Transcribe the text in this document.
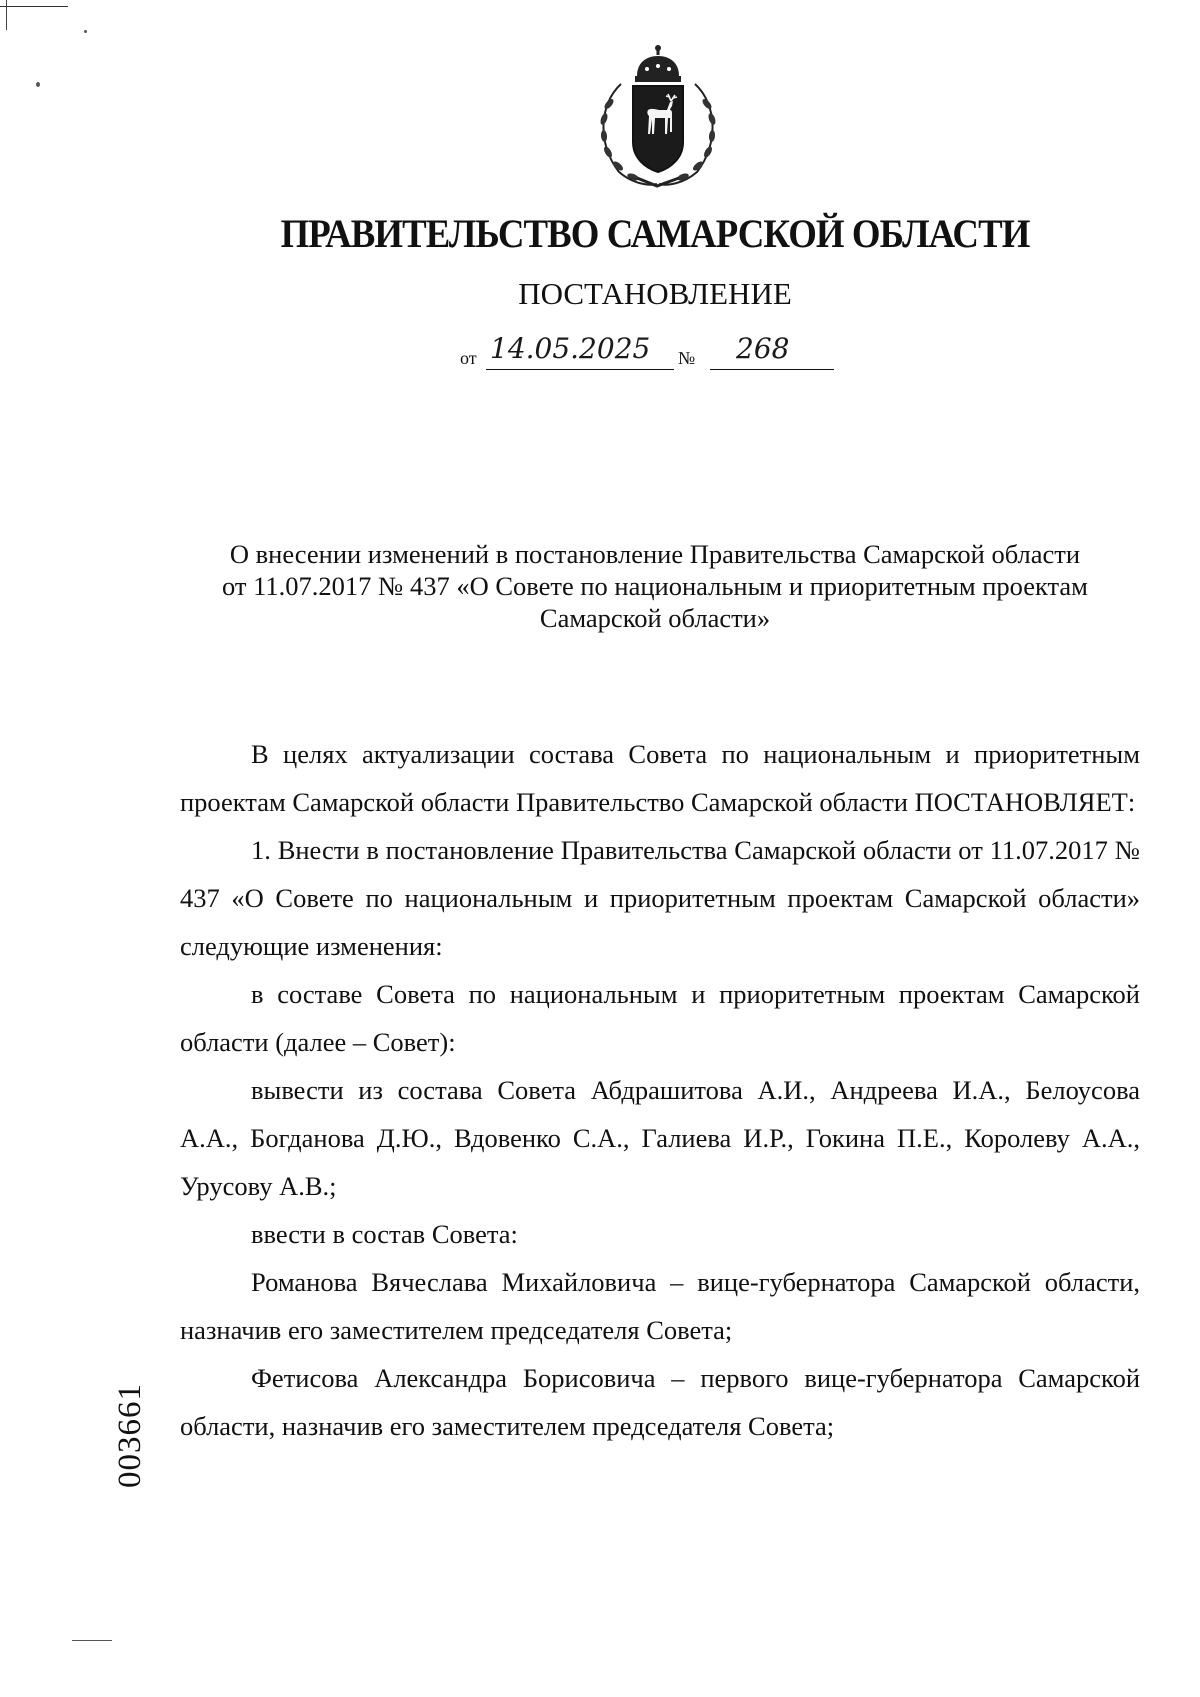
ПРАВИТЕЛЬСТВО САМАРСКОЙ ОБЛАСТИ
ПОСТАНОВЛЕНИЕ
от 14.05.2025 № 268
О внесении изменений в постановление Правительства Самарской области
от 11.07.2017 № 437 «О Совете по национальным и приоритетным проектам
Самарской области»

В целях актуализации состава Совета по национальным и приоритетным проектам Самарской области Правительство Самарской области ПОСТАНОВЛЯЕТ:

1. Внести в постановление Правительства Самарской области от 11.07.2017 № 437 «О Совете по национальным и приоритетным проектам Самарской области» следующие изменения:

в составе Совета по национальным и приоритетным проектам Самарской области (далее – Совет):

вывести из состава Совета Абдрашитова А.И., Андреева И.А., Белоусова А.А., Богданова Д.Ю., Вдовенко С.А., Галиева И.Р., Гокина П.Е., Королеву А.А., Урусову А.В.;

ввести в состав Совета:

Романова Вячеслава Михайловича – вице-губернатора Самарской области, назначив его заместителем председателя Совета;

Фетисова Александра Борисовича – первого вице-губернатора Самарской области, назначив его заместителем председателя Совета;

003661
